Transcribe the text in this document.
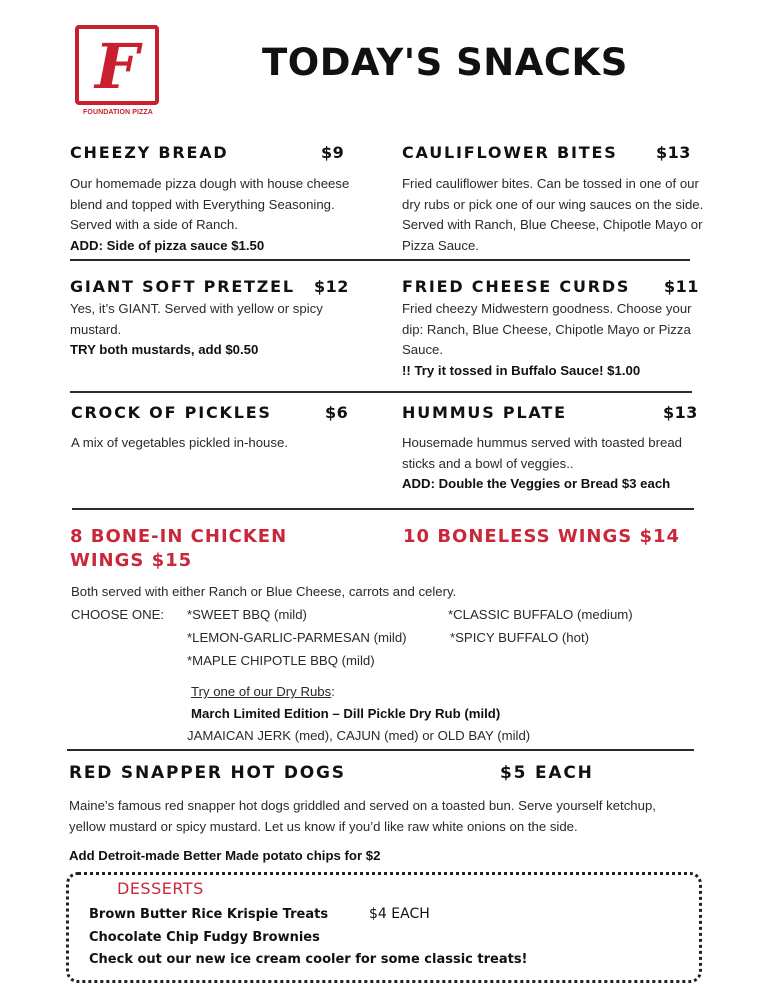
F
FOUNDATION PIZZA
TODAY'S SNACKS
CHEEZY BREAD	$9
Our homemade pizza dough with house cheese
blend and topped with Everything Seasoning.
Served with a side of Ranch.
ADD: Side of pizza sauce $1.50
CAULIFLOWER BITES $13
Fried cauliflower bites. Can be tossed in one of our
dry rubs or pick one of our wing sauces on the side.
Served with Ranch, Blue Cheese, Chipotle Mayo or
Pizza Sauce.
GIANT SOFT PRETZEL $12
Yes, it’s GIANT. Served with yellow or spicy
mustard.
TRY both mustards, add $0.50
FRIED CHEESE CURDS $11
Fried cheezy Midwestern goodness. Choose your
dip: Ranch, Blue Cheese, Chipotle Mayo or Pizza
Sauce.
!! Try it tossed in Buffalo Sauce! $1.00
CROCK OF PICKLES	$6
A mix of vegetables pickled in-house.
HUMMUS PLATE	$13
Housemade hummus served with toasted bread
sticks and a bowl of veggies..
ADD: Double the Veggies or Bread $3 each
8 BONE-IN CHICKEN
WINGS $15
10 BONELESS WINGS $14
Both served with either Ranch or Blue Cheese, carrots and celery.
CHOOSE ONE: *SWEET BBQ (mild)
*LEMON-GARLIC-PARMESAN (mild)
*MAPLE CHIPOTLE BBQ (mild)
*CLASSIC BUFFALO (medium)
*SPICY BUFFALO (hot)
Try one of our Dry Rubs:
March Limited Edition – Dill Pickle Dry Rub (mild)
JAMAICAN JERK (med), CAJUN (med) or OLD BAY (mild)
RED SNAPPER HOT DOGS	$5 EACH
Maine’s famous red snapper hot dogs griddled and served on a toasted bun. Serve yourself ketchup,
yellow mustard or spicy mustard. Let us know if you’d like raw white onions on the side.
Add Detroit-made Better Made potato chips for $2
DESSERTS
Brown Butter Rice Krispie Treats	$4 EACH
Chocolate Chip Fudgy Brownies
Check out our new ice cream cooler for some classic treats!
